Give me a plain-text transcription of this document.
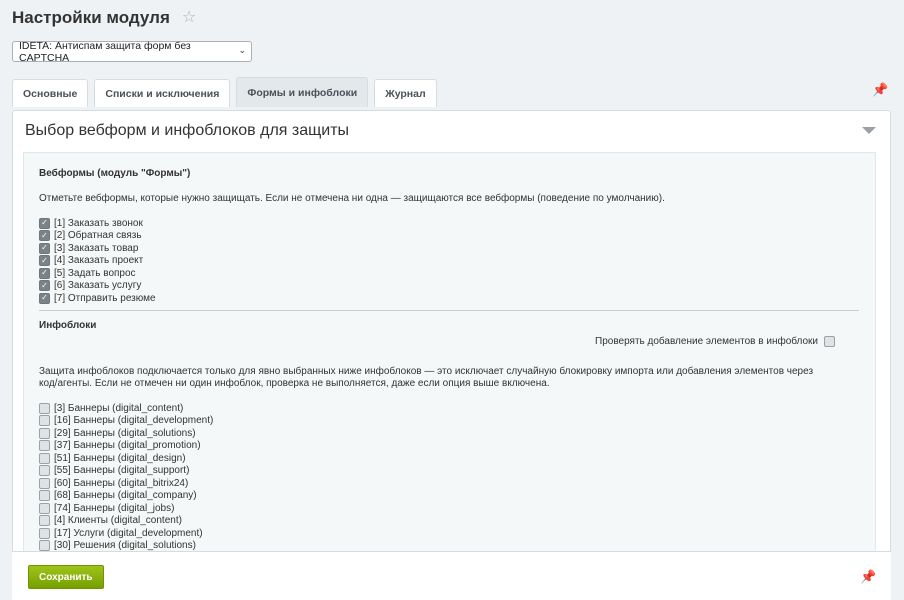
Настройки модуля ☆
IDETA: Антиспам защита форм без CAPTCHA
⌄
Основные	Списки и исключения	Формы и инфоблоки	Журнал	📌
Выбор вебформ и инфоблоков для защиты
Вебформы (модуль "Формы")
Отметьте вебформы, которые нужно защищать. Если не отмечена ни одна — защищаются все вебформы (поведение по умолчанию).
✓
[1] Заказать звонок
✓
[2] Обратная связь
✓
[3] Заказать товар
✓
[4] Заказать проект
✓
[5] Задать вопрос
✓
[6] Заказать услугу
✓
[7] Отправить резюме
Инфоблоки
Проверять добавление элементов в инфоблоки
Защита инфоблоков подключается только для явно выбранных ниже инфоблоков — это исключает случайную блокировку импорта или добавления элементов через
код/агенты. Если не отмечен ни один инфоблок, проверка не выполняется, даже если опция выше включена.
[3] Баннеры (digital_content)
[16] Баннеры (digital_development)
[29] Баннеры (digital_solutions)
[37] Баннеры (digital_promotion)
[51] Баннеры (digital_design)
[55] Баннеры (digital_support)
[60] Баннеры (digital_bitrix24)
[68] Баннеры (digital_company)
[74] Баннеры (digital_jobs)
[4] Клиенты (digital_content)
[17] Услуги (digital_development)
[30] Решения (digital_solutions)
Сохранить	📌
